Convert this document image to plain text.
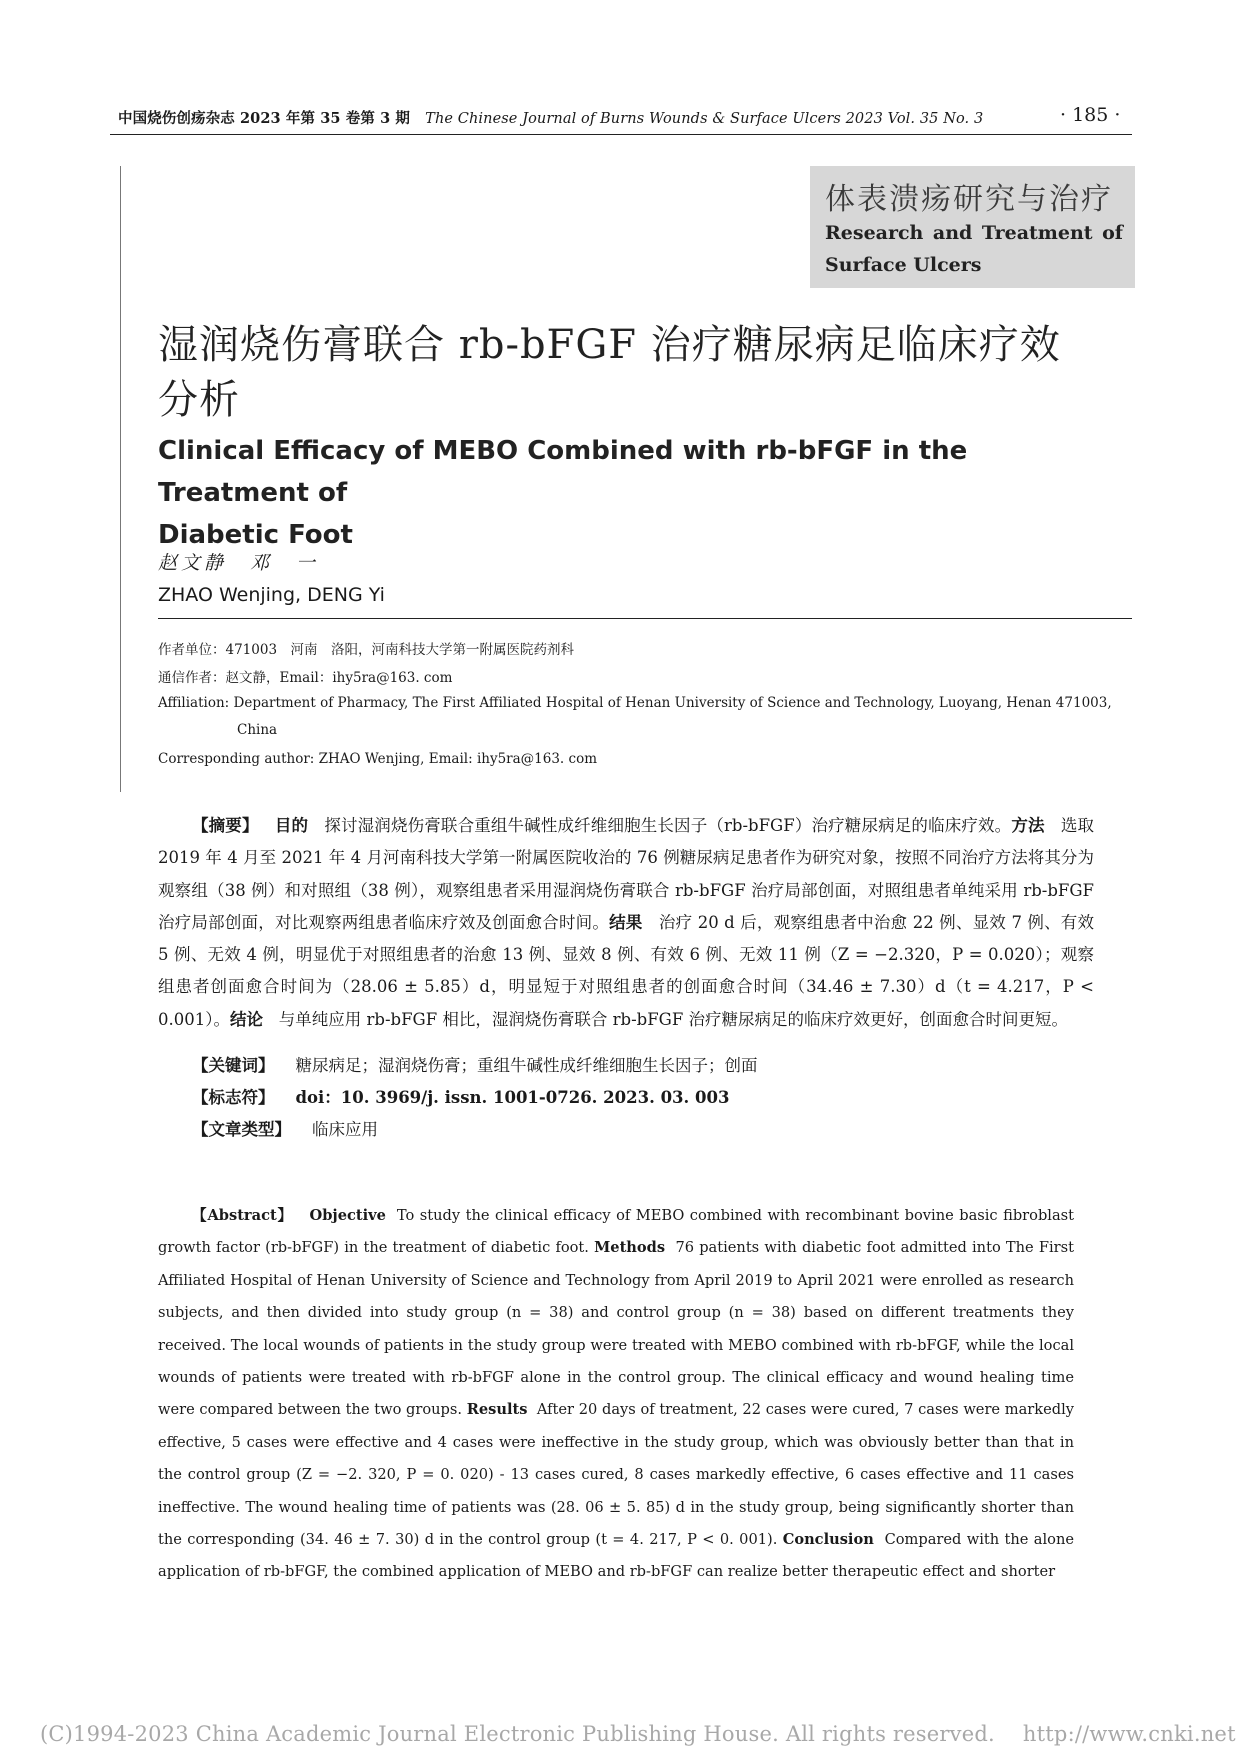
中国烧伤创疡杂志 2023 年第 35 卷第 3 期 The Chinese Journal of Burns Wounds & Surface Ulcers 2023 Vol. 35 No. 3	· 185 ·
体表溃疡研究与治疗
Research and Treatment of
Surface Ulcers
湿润烧伤膏联合 rb-bFGF 治疗糖尿病足临床疗效
分析
Clinical Efficacy of MEBO Combined with rb-bFGF in the Treatment of
Diabetic Foot
赵文静　邓　一
ZHAO Wenjing, DENG Yi
作者单位：471003　河南　洛阳，河南科技大学第一附属医院药剂科
通信作者：赵文静，Email：ihy5ra@163. com
Affiliation: Department of Pharmacy, The First Affiliated Hospital of Henan University of Science and Technology, Luoyang, Henan 471003,
China
Corresponding author: ZHAO Wenjing, Email: ihy5ra@163. com

【摘要】 目的 探讨湿润烧伤膏联合重组牛碱性成纤维细胞生长因子（rb-bFGF）治疗糖尿病足的临床疗效。方法 选取 2019 年 4 月至 2021 年 4 月河南科技大学第一附属医院收治的 76 例糖尿病足患者作为研究对象，按照不同治疗方法将其分为观察组（38 例）和对照组（38 例），观察组患者采用湿润烧伤膏联合 rb-bFGF 治疗局部创面，对照组患者单纯采用 rb-bFGF 治疗局部创面，对比观察两组患者临床疗效及创面愈合时间。结果 治疗 20 d 后，观察组患者中治愈 22 例、显效 7 例、有效 5 例、无效 4 例，明显优于对照组患者的治愈 13 例、显效 8 例、有效 6 例、无效 11 例（Z = −2.320，P = 0.020）；观察组患者创面愈合时间为（28.06 ± 5.85）d，明显短于对照组患者的创面愈合时间（34.46 ± 7.30）d（t = 4.217，P < 0.001）。结论 与单纯应用 rb-bFGF 相比，湿润烧伤膏联合 rb-bFGF 治疗糖尿病足的临床疗效更好，创面愈合时间更短。

【关键词】 糖尿病足；湿润烧伤膏；重组牛碱性成纤维细胞生长因子；创面
【标志符】 doi：10. 3969/j. issn. 1001-0726. 2023. 03. 003
【文章类型】 临床应用

【Abstract】 Objective To study the clinical efficacy of MEBO combined with recombinant bovine basic fibroblast growth factor (rb-bFGF) in the treatment of diabetic foot. Methods 76 patients with diabetic foot admitted into The First Affiliated Hospital of Henan University of Science and Technology from April 2019 to April 2021 were enrolled as research subjects, and then divided into study group (n = 38) and control group (n = 38) based on different treatments they received. The local wounds of patients in the study group were treated with MEBO combined with rb-bFGF, while the local wounds of patients were treated with rb-bFGF alone in the control group. The clinical efficacy and wound healing time were compared between the two groups. Results After 20 days of treatment, 22 cases were cured, 7 cases were markedly effective, 5 cases were effective and 4 cases were ineffective in the study group, which was obviously better than that in the control group (Z = −2. 320, P = 0. 020) - 13 cases cured, 8 cases markedly effective, 6 cases effective and 11 cases ineffective. The wound healing time of patients was (28. 06 ± 5. 85) d in the study group, being significantly shorter than the corresponding (34. 46 ± 7. 30) d in the control group (t = 4. 217, P < 0. 001). Conclusion Compared with the alone application of rb-bFGF, the combined application of MEBO and rb-bFGF can realize better therapeutic effect and shorter

(C)1994-2023 China Academic Journal Electronic Publishing House. All rights reserved.　 http://www.cnki.net
